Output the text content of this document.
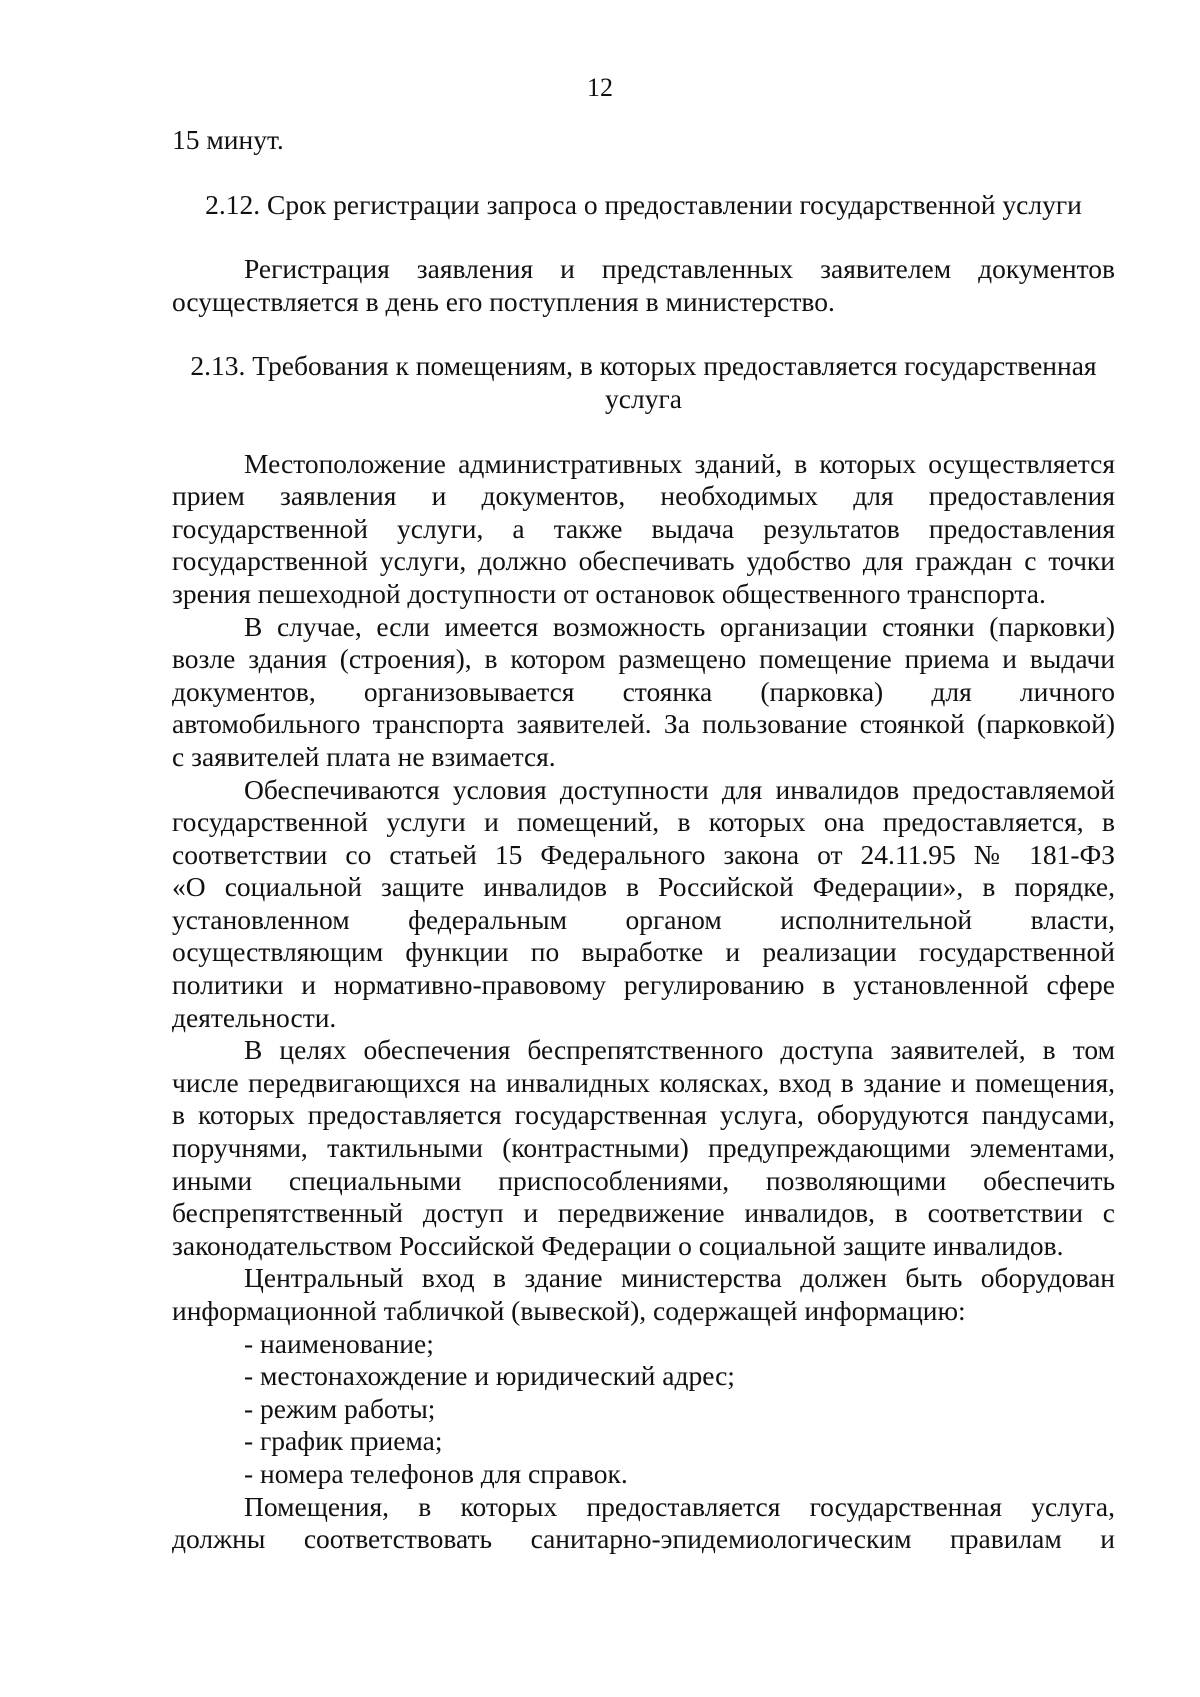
12
15 минут.
2.12. Срок регистрации запроса о предоставлении государственной услуги
Регистрация заявления и представленных заявителем документов
осуществляется в день его поступления в министерство.
2.13. Требования к помещениям, в которых предоставляется государственная
услуга
Местоположение административных зданий, в которых осуществляется
прием заявления и документов, необходимых для предоставления
государственной услуги, а также выдача результатов предоставления
государственной услуги, должно обеспечивать удобство для граждан с точки
зрения пешеходной доступности от остановок общественного транспорта.
В случае, если имеется возможность организации стоянки (парковки)
возле здания (строения), в котором размещено помещение приема и выдачи
документов, организовывается стоянка (парковка) для личного
автомобильного транспорта заявителей. За пользование стоянкой (парковкой)
с заявителей плата не взимается.
Обеспечиваются условия доступности для инвалидов предоставляемой
государственной услуги и помещений, в которых она предоставляется, в
соответствии со статьей 15 Федерального закона от 24.11.95 № 181-ФЗ
«О социальной защите инвалидов в Российской Федерации», в порядке,
установленном федеральным органом исполнительной власти,
осуществляющим функции по выработке и реализации государственной
политики и нормативно-правовому регулированию в установленной сфере
деятельности.
В целях обеспечения беспрепятственного доступа заявителей, в том
числе передвигающихся на инвалидных колясках, вход в здание и помещения,
в которых предоставляется государственная услуга, оборудуются пандусами,
поручнями, тактильными (контрастными) предупреждающими элементами,
иными специальными приспособлениями, позволяющими обеспечить
беспрепятственный доступ и передвижение инвалидов, в соответствии с
законодательством Российской Федерации о социальной защите инвалидов.
Центральный вход в здание министерства должен быть оборудован
информационной табличкой (вывеской), содержащей информацию:
- наименование;
- местонахождение и юридический адрес;
- режим работы;
- график приема;
- номера телефонов для справок.
Помещения, в которых предоставляется государственная услуга,
должны соответствовать санитарно-эпидемиологическим правилам и
